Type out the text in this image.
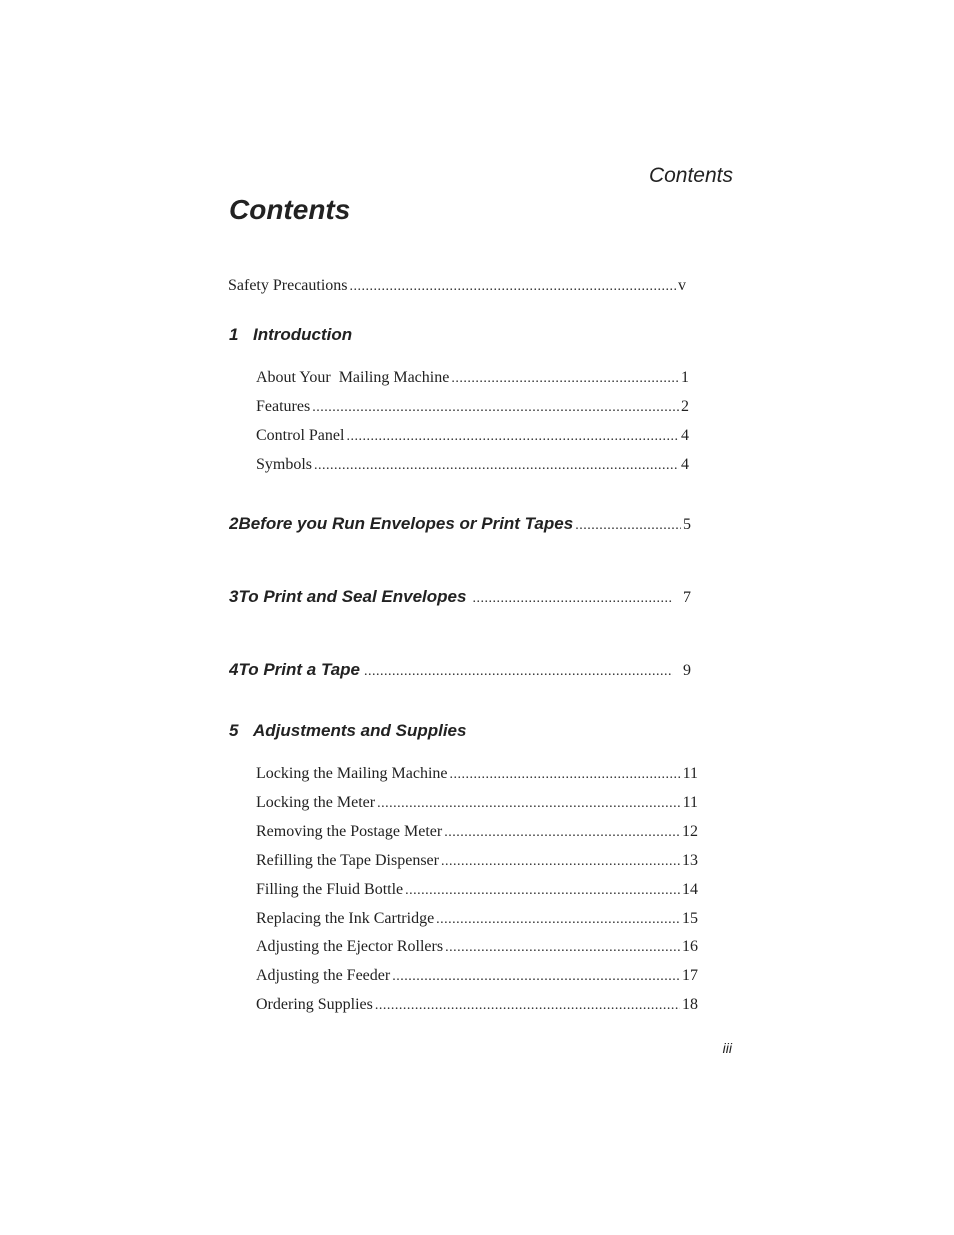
Contents
Contents
Safety Precautions .....	v
1 Introduction
About Your  Mailing Machine .....	1
Features .....	2
Control Panel .....	4
Symbols .....	4
2 Before you Run Envelopes or Print Tapes .....	5
3 To Print and Seal Envelopes .....	7
4 To Print a Tape .....	9
5 Adjustments and Supplies
Locking the Mailing Machine .....	11
Locking the Meter .....	11
Removing the Postage Meter .....	12
Refilling the Tape Dispenser .....	13
Filling the Fluid Bottle .....	14
Replacing the Ink Cartridge .....	15
Adjusting the Ejector Rollers .....	16
Adjusting the Feeder .....	17
Ordering Supplies .....	18
iii
